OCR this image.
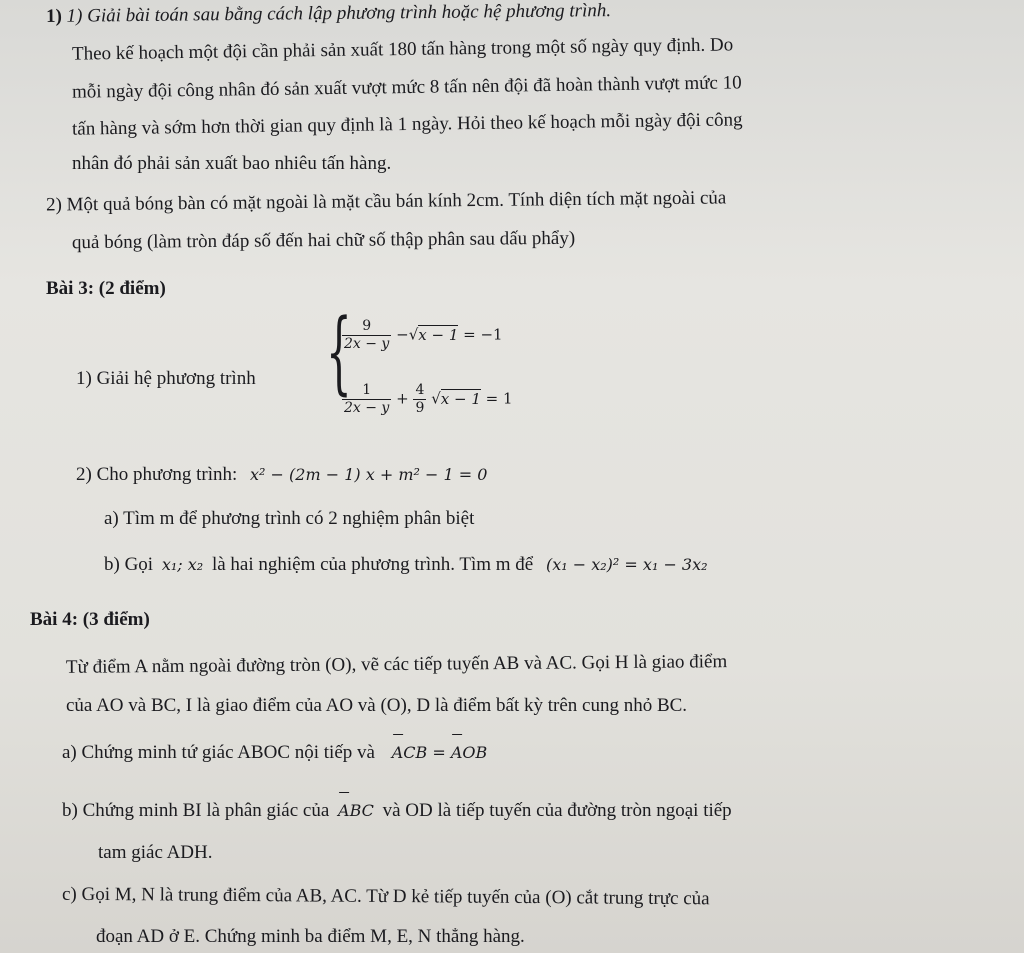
1) 1) Giải bài toán sau bằng cách lập phương trình hoặc hệ phương trình.
Theo kế hoạch một đội cần phải sản xuất 180 tấn hàng trong một số ngày quy định. Do
mỗi ngày đội công nhân đó sản xuất vượt mức 8 tấn nên đội đã hoàn thành vượt mức 10
tấn hàng và sớm hơn thời gian quy định là 1 ngày. Hỏi theo kế hoạch mỗi ngày đội công
nhân đó phải sản xuất bao nhiêu tấn hàng.
2) Một quả bóng bàn có mặt ngoài là mặt cầu bán kính 2cm. Tính diện tích mặt ngoài của
quả bóng (làm tròn đáp số đến hai chữ số thập phân sau dấu phẩy)
Bài 3: (2 điểm)
1) Giải hệ phương trình {
$\frac{9}{2x - y} -√x - 1 = -1$
$\frac{1}{2x - y} + \frac{4}{9} √x - 1 = 1$
2) Cho phương trình: x² − (2m − 1) x + m² − 1 = 0
a) Tìm m để phương trình có 2 nghiệm phân biệt
b) Gọi x₁; x₂ là hai nghiệm của phương trình. Tìm m để (x₁ − x₂)² = x₁ − 3x₂
Bài 4: (3 điểm)
Từ điểm A nằm ngoài đường tròn (O), vẽ các tiếp tuyến AB và AC. Gọi H là giao điểm
của AO và BC, I là giao điểm của AO và (O), D là điểm bất kỳ trên cung nhỏ BC.
a) Chứng minh tứ giác ABOC nội tiếp và ACB = AOB
b) Chứng minh BI là phân giác của ABC và OD là tiếp tuyến của đường tròn ngoại tiếp
tam giác ADH.
c) Gọi M, N là trung điểm của AB, AC. Từ D kẻ tiếp tuyến của (O) cắt trung trực của
đoạn AD ở E. Chứng minh ba điểm M, E, N thẳng hàng.
